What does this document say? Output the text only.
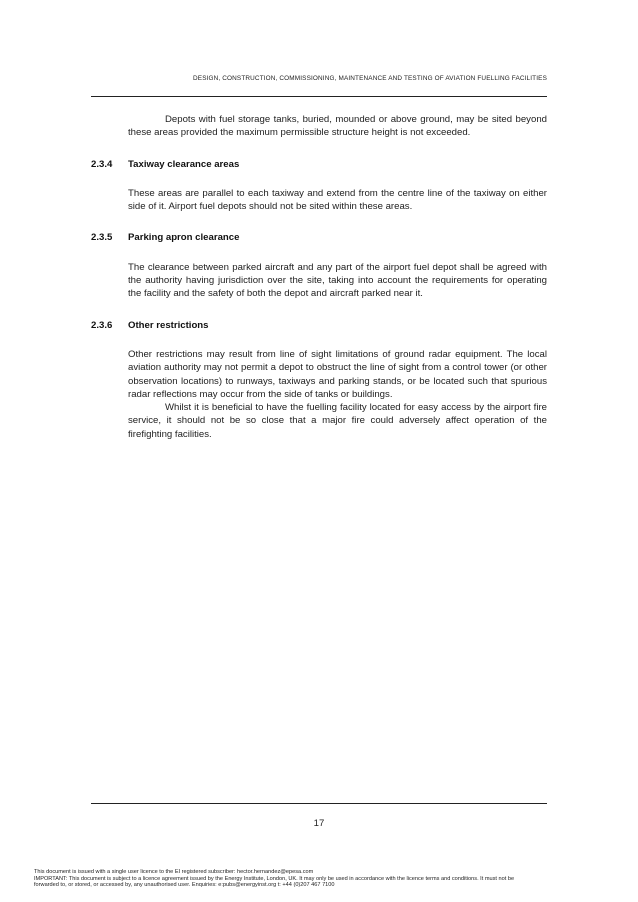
DESIGN, CONSTRUCTION, COMMISSIONING, MAINTENANCE AND TESTING OF AVIATION FUELLING FACILITIES

Depots with fuel storage tanks, buried, mounded or above ground, may be sited beyond these areas provided the maximum permissible structure height is not exceeded.

2.3.4	Taxiway clearance areas

These areas are parallel to each taxiway and extend from the centre line of the taxiway on either side of it. Airport fuel depots should not be sited within these areas.

2.3.5	Parking apron clearance

The clearance between parked aircraft and any part of the airport fuel depot shall be agreed with the authority having jurisdiction over the site, taking into account the requirements for operating the facility and the safety of both the depot and aircraft parked near it.

2.3.6	Other restrictions

Other restrictions may result from line of sight limitations of ground radar equipment. The local aviation authority may not permit a depot to obstruct the line of sight from a control tower (or other observation locations) to runways, taxiways and parking stands, or be located such that spurious radar reflections may occur from the side of tanks or buildings.
Whilst it is beneficial to have the fuelling facility located for easy access by the airport fire service, it should not be so close that a major fire could adversely affect operation of the firefighting facilities.

17
This document is issued with a single user licence to the EI registered subscriber: hector.hernandez@epesa.com
IMPORTANT: This document is subject to a licence agreement issued by the Energy Institute, London, UK. It may only be used in accordance with the licence terms and conditions. It must not be
forwarded to, or stored, or accessed by, any unauthorised user. Enquiries: e:pubs@energyinst.org t: +44 (0)207 467 7100
